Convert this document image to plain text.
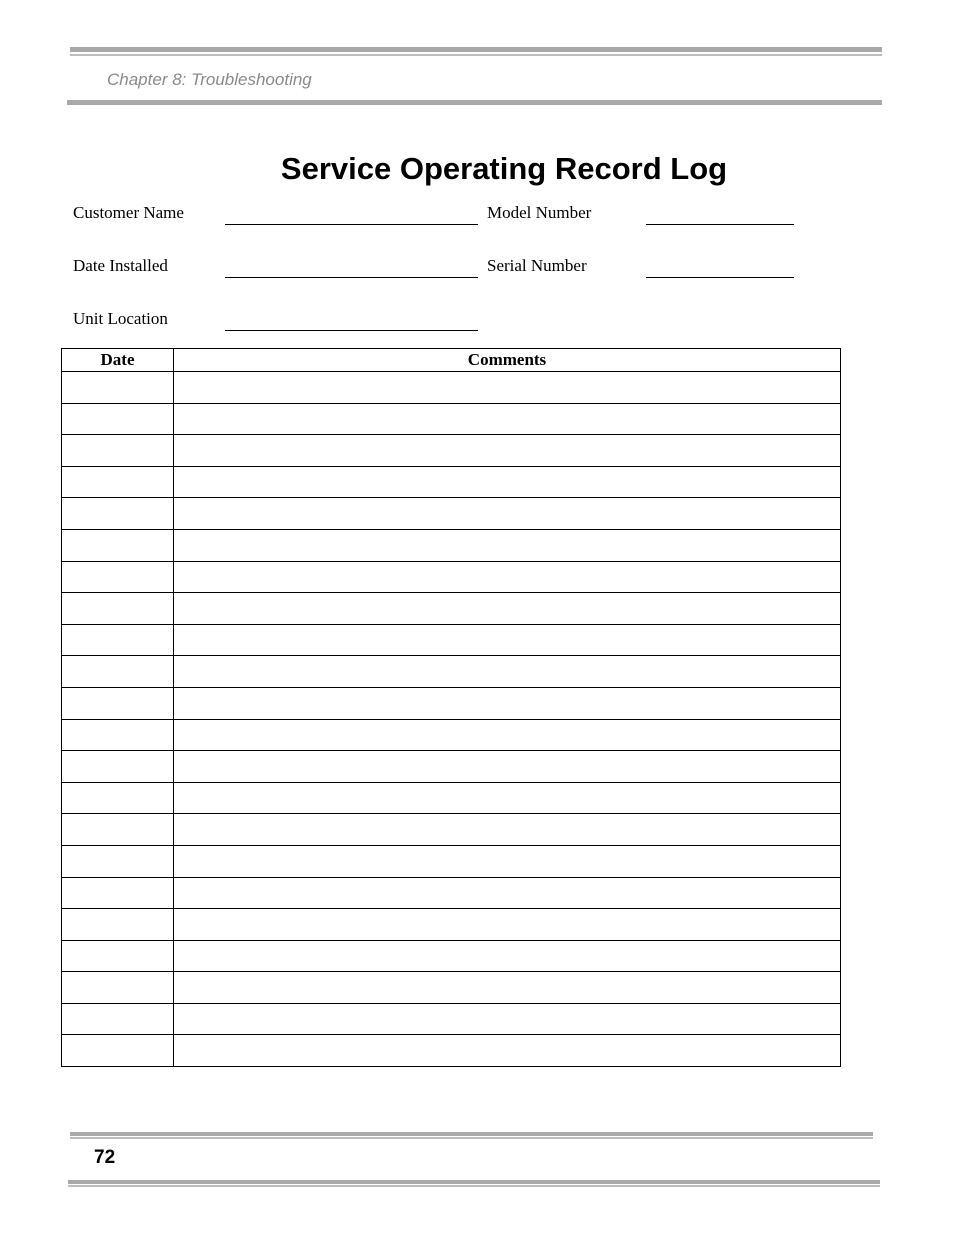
Chapter 8: Troubleshooting
Service Operating Record Log
Customer Name	Model Number
Date Installed	Serial Number
Unit Location
Date	Comments

72
